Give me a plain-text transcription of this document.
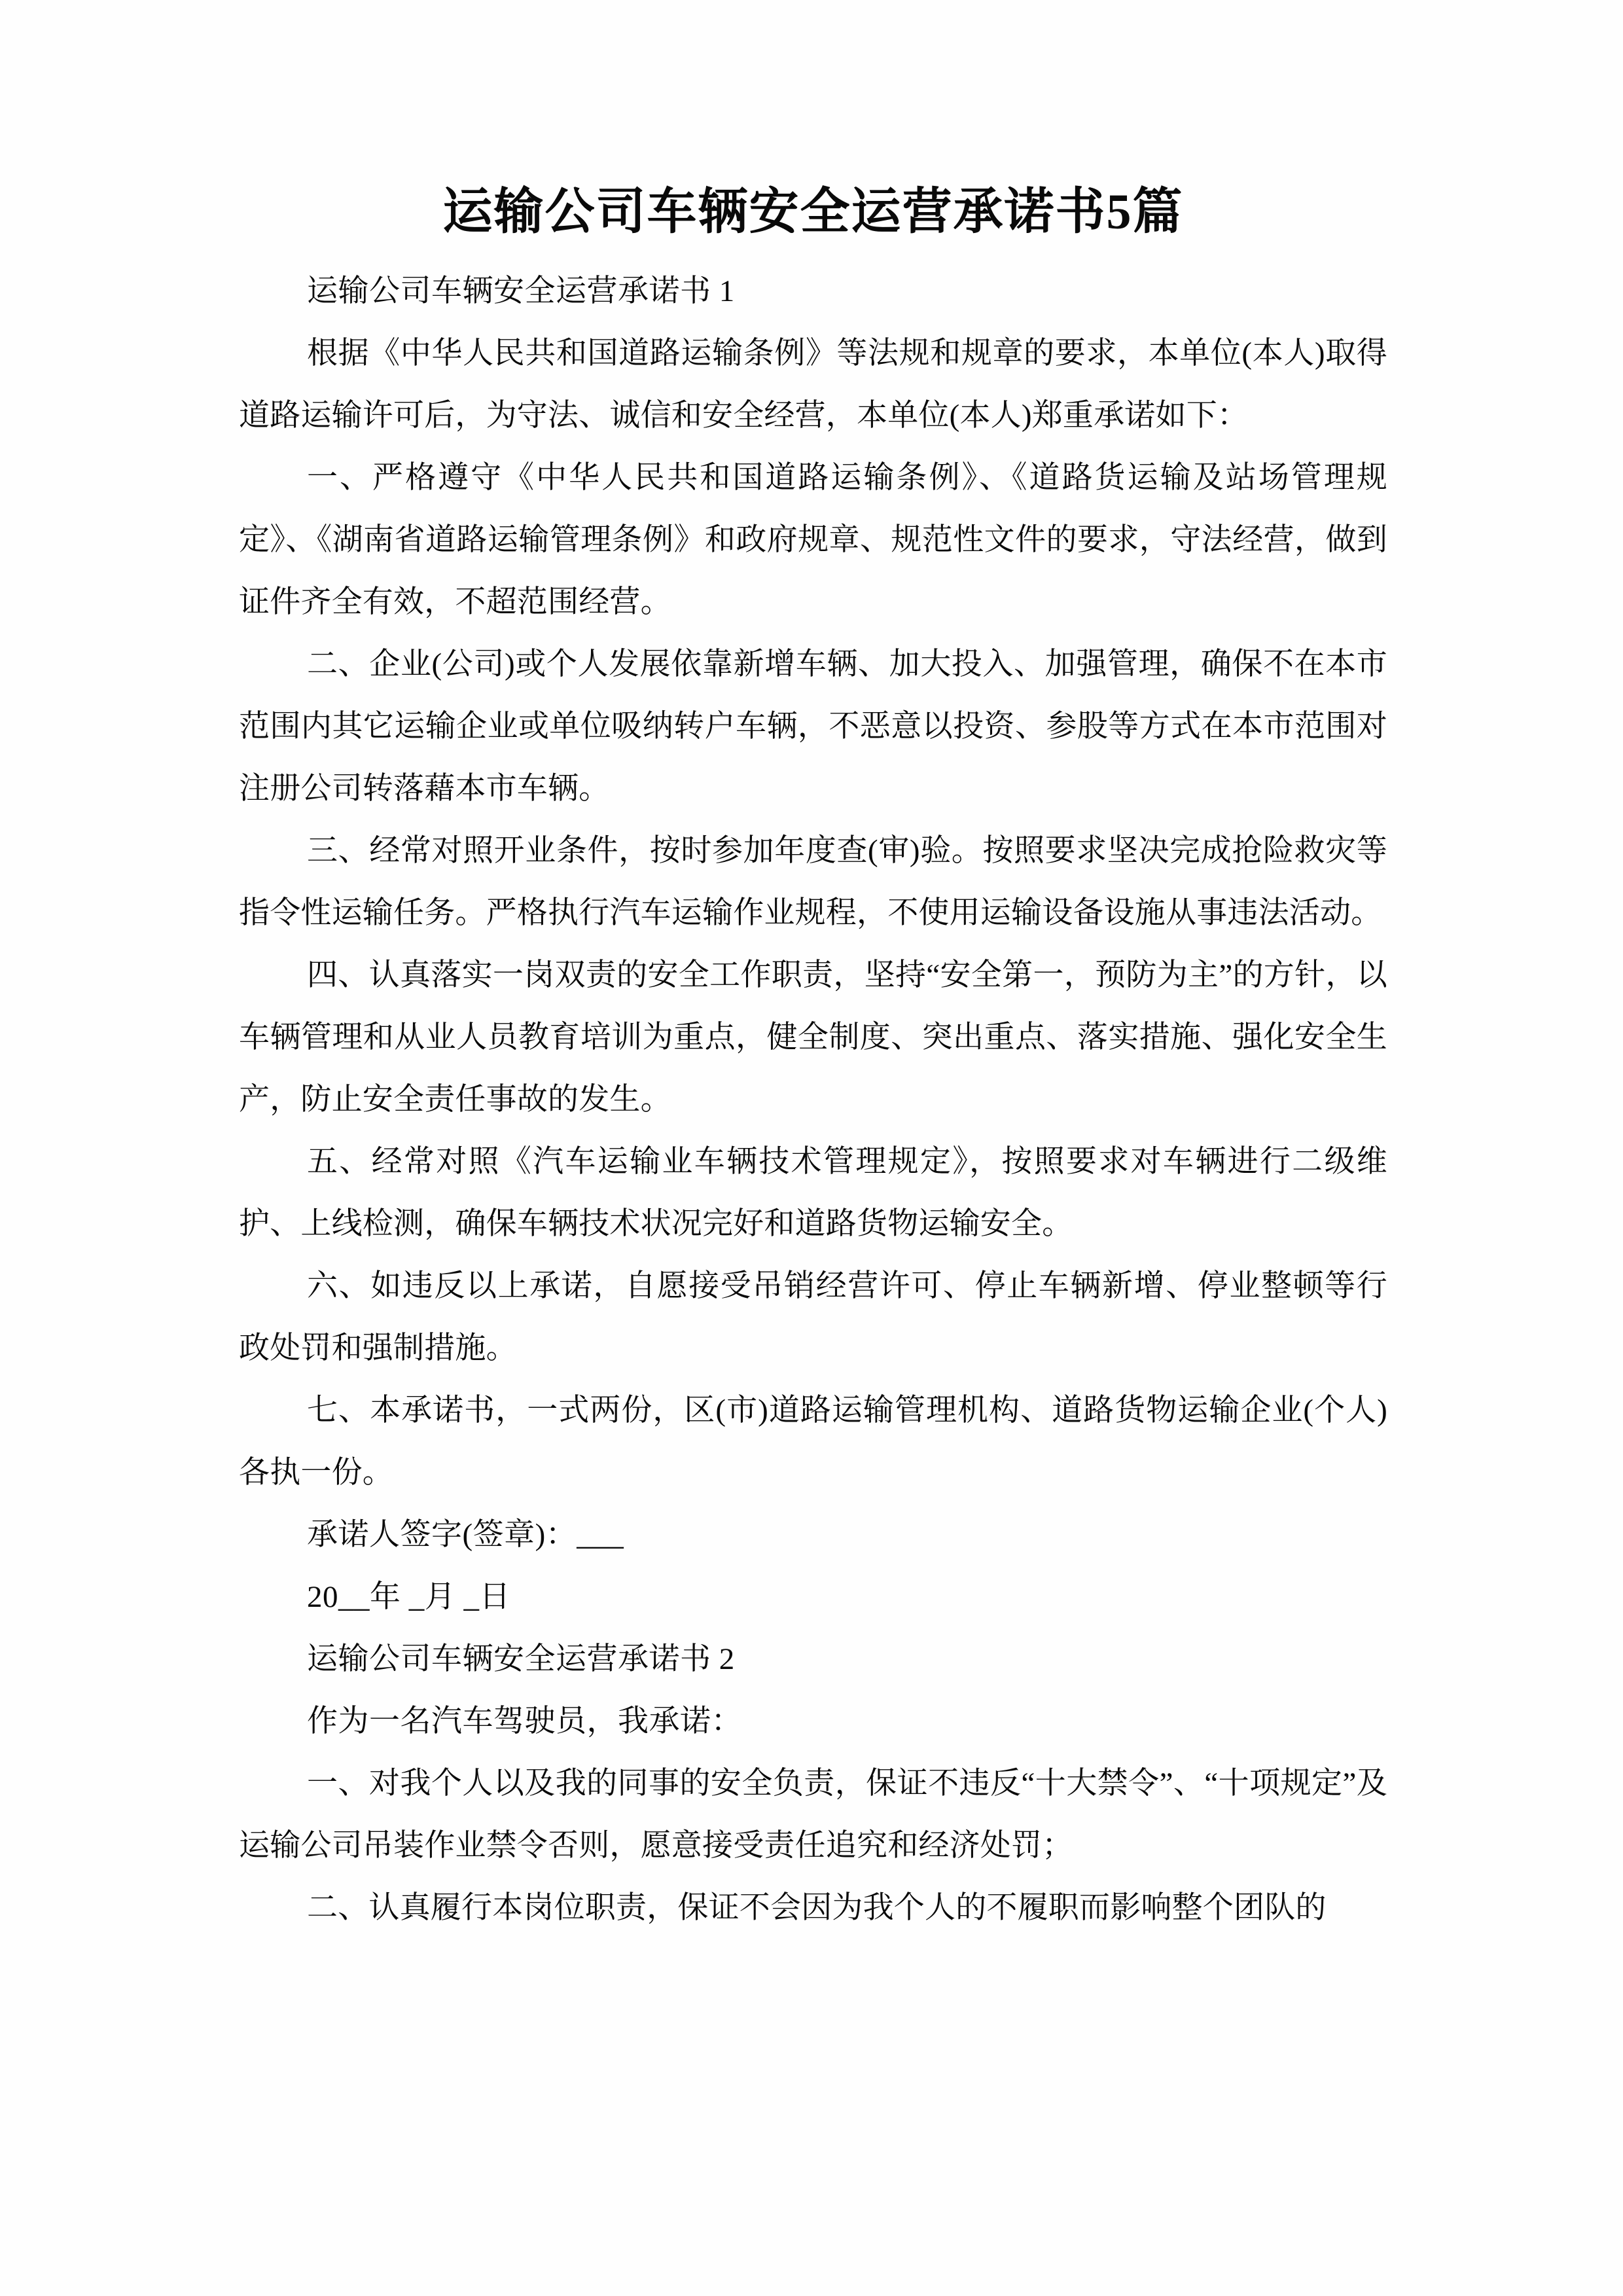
运输公司车辆安全运营承诺书5篇

运输公司车辆安全运营承诺书 1

根据《中华人民共和国道路运输条例》等法规和规章的要求，本单位(本人)取得道路运输许可后，为守法、诚信和安全经营，本单位(本人)郑重承诺如下：

一、严格遵守《中华人民共和国道路运输条例》、《道路货运输及站场管理规定》、《湖南省道路运输管理条例》和政府规章、规范性文件的要求，守法经营，做到证件齐全有效，不超范围经营。

二、企业(公司)或个人发展依靠新增车辆、加大投入、加强管理，确保不在本市范围内其它运输企业或单位吸纳转户车辆，不恶意以投资、参股等方式在本市范围对注册公司转落藉本市车辆。

三、经常对照开业条件，按时参加年度查(审)验。按照要求坚决完成抢险救灾等指令性运输任务。严格执行汽车运输作业规程，不使用运输设备设施从事违法活动。

四、认真落实一岗双责的安全工作职责，坚持“安全第一，预防为主”的方针，以车辆管理和从业人员教育培训为重点，健全制度、突出重点、落实措施、强化安全生产，防止安全责任事故的发生。

五、经常对照《汽车运输业车辆技术管理规定》，按照要求对车辆进行二级维护、上线检测，确保车辆技术状况完好和道路货物运输安全。

六、如违反以上承诺，自愿接受吊销经营许可、停止车辆新增、停业整顿等行政处罚和强制措施。

七、本承诺书，一式两份，区(市)道路运输管理机构、道路货物运输企业(个人)各执一份。

承诺人签字(签章)：___

20__年 _月 _日

运输公司车辆安全运营承诺书 2

作为一名汽车驾驶员，我承诺：

一、对我个人以及我的同事的安全负责，保证不违反“十大禁令”、“十项规定”及运输公司吊装作业禁令否则，愿意接受责任追究和经济处罚；

二、认真履行本岗位职责，保证不会因为我个人的不履职而影响整个团队的
